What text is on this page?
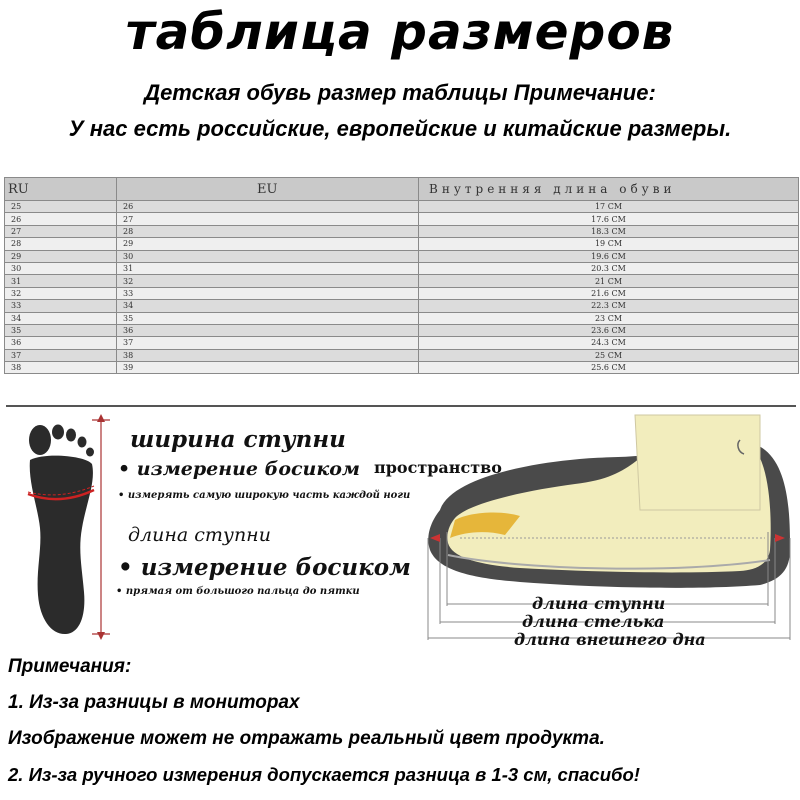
таблица размеров
Детская обувь размер таблицы Примечание:
У нас есть российские, европейские и китайские размеры.
RU	EU	Внутренняя длина обуви
25	26	17 CM
26	27	17.6 CM
27	28	18.3 CM
28	29	19 CM
29	30	19.6 CM
30	31	20.3 CM
31	32	21 CM
32	33	21.6 CM
33	34	22.3 CM
34	35	23 CM
35	36	23.6 CM
36	37	24.3 CM
37	38	25 CM
38	39	25.6 CM
ширина ступни
• измерение босиком
• измерять самую широкую часть каждой ноги
длина ступни
• измерение босиком
• прямая от большого пальца до пятки
пространство
длина ступни
длина стелька
длина внешнего дна
Примечания:
1. Из-за разницы в мониторах
Изображение может не отражать реальный цвет продукта.
2. Из-за ручного измерения допускается разница в 1-3 см, спасибо!
